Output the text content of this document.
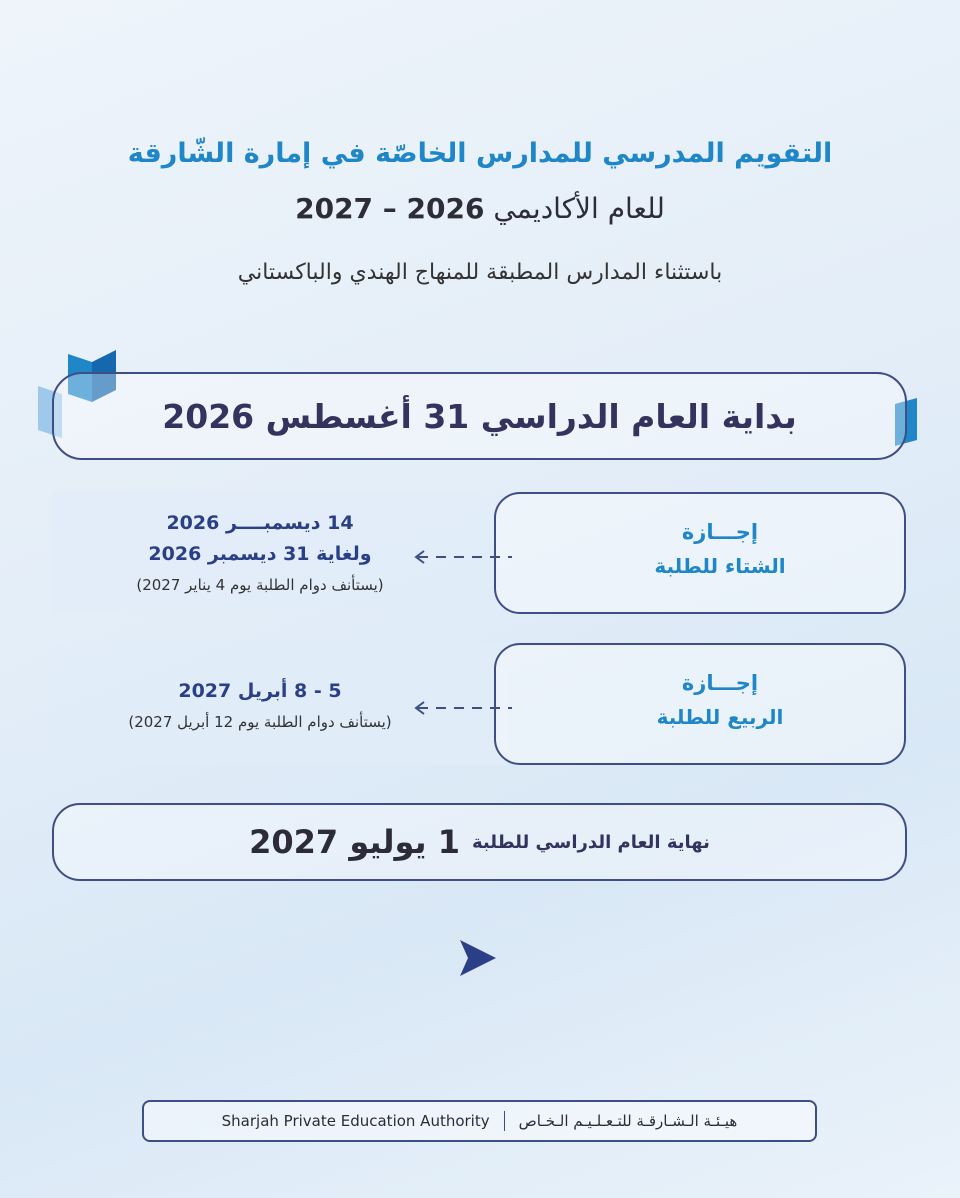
التقويم المدرسي للمدارس الخاصّة في إمارة الشّارقة
للعام الأكاديمي 2026 – 2027
باستثناء المدارس المطبقة للمنهاج الهندي والباكستاني
بداية العام الدراسي

31 أغسطس 2026
إجـــازة
الشتاء للطلبة
14 ديسمبــــر 2026
ولغاية 31 ديسمبر 2026
(يستأنف دوام الطلبة يوم 4 يناير 2027)
إجـــازة
الربيع للطلبة
5 - 8 أبريل 2027
(يستأنف دوام الطلبة يوم 12 أبريل 2027)
نهاية العام الدراسي للطلبة
1 يوليو 2027
Sharjah Private Education Authority هيـئـة الـشـارقـة للتـعـلـيـم الـخـاص
